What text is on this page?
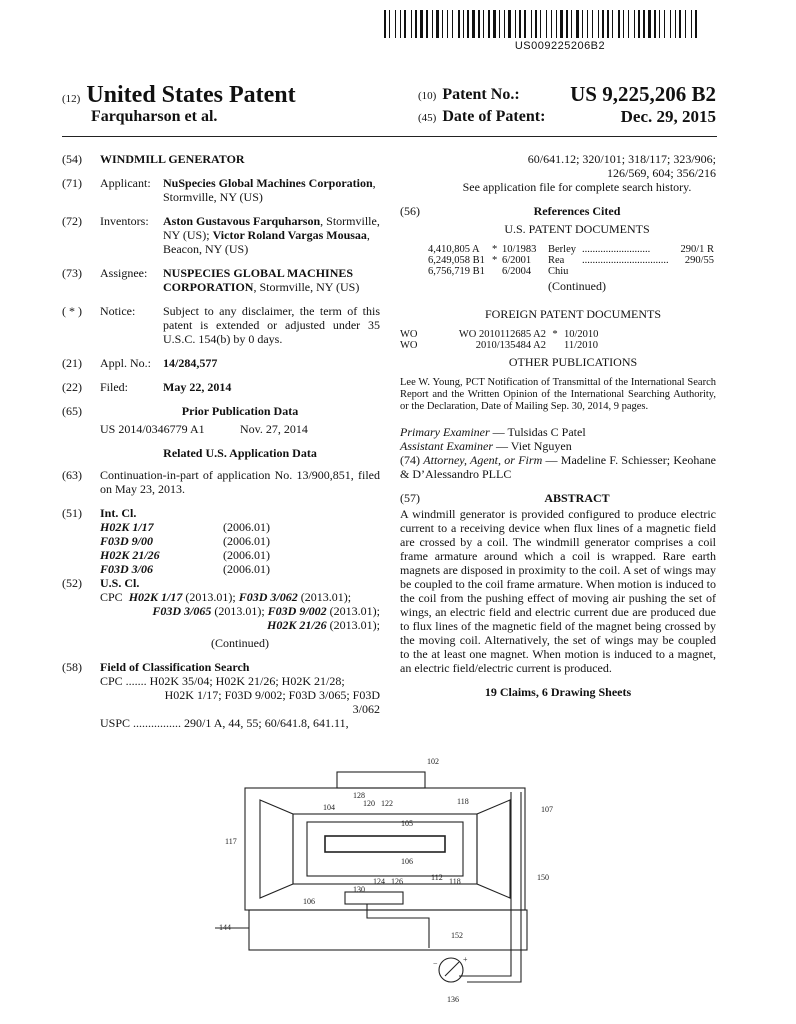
US009225206B2
(12) United States Patent
Farquharson et al.
(10) Patent No.: US 9,225,206 B2
(45) Date of Patent:	Dec. 29, 2015
(54)	WINDMILL GENERATOR
(71)	Applicant:	NuSpecies Global Machines Corporation, Stormville, NY (US)
(72)	Inventors:	Aston Gustavous Farquharson, Stormville, NY (US); Victor Roland Vargas Mousaa, Beacon, NY (US)
(73)	Assignee:	NUSPECIES GLOBAL MACHINES CORPORATION, Stormville, NY (US)
( * )	Notice:	Subject to any disclaimer, the term of this patent is extended or adjusted under 35 U.S.C. 154(b) by 0 days.
(21)	Appl. No.:	14/284,577
(22)	Filed:	May 22, 2014
(65)	Prior Publication Data
US 2014/0346779 A1	Nov. 27, 2014
Related U.S. Application Data
(63)	Continuation-in-part of application No. 13/900,851, filed on May 23, 2013.
(51)	Int. Cl.
H02K 1/17	(2006.01)
F03D 9/00	(2006.01)
H02K 21/26	(2006.01)
F03D 3/06	(2006.01)
(52)	U.S. Cl.
CPC H02K 1/17 (2013.01); F03D 3/062 (2013.01);
F03D 3/065 (2013.01); F03D 9/002 (2013.01);
H02K 21/26 (2013.01);
(Continued)
(58)	Field of Classification Search
CPC ....... H02K 35/04; H02K 21/26; H02K 21/28;
H02K 1/17; F03D 9/002; F03D 3/065; F03D
3/062
USPC ................ 290/1 A, 44, 55; 60/641.8, 641.11,
60/641.12; 320/101; 318/117; 323/906;
126/569, 604; 356/216
See application file for complete search history.
(56)	References Cited
U.S. PATENT DOCUMENTS
4,410,805 A	* 10/1983	Berley ..........................	290/1 R
6,249,058 B1 * 6/2001	Rea	.................................	290/55
6,756,719 B1	6/2004	Chiu
(Continued)
FOREIGN PATENT DOCUMENTS
WO	WO 2010112685 A2 * 10/2010
WO	2010/135484 A2 11/2010
OTHER PUBLICATIONS
Lee W. Young, PCT Notification of Transmittal of the International Search Report and the Written Opinion of the International Searching Authority, or the Declaration, Date of Mailing Sep. 30, 2014, 9 pages.
Primary Examiner — Tulsidas C Patel
Assistant Examiner — Viet Nguyen
(74) Attorney, Agent, or Firm — Madeline F. Schiesser; Keohane & D’Alessandro PLLC
(57)	ABSTRACT
A windmill generator is provided configured to produce electric current to a receiving device when flux lines of a magnetic field are crossed by a coil. The windmill generator comprises a coil frame armature around which a coil is wrapped. Rare earth magnets are disposed in proximity to the coil. A set of wings may be coupled to the coil frame armature. When motion is induced to the coil from the pushing effect of moving air pushing the set of wings, an electric field and electric current due are produced due to flux lines of the magnetic field of the magnet being crossed by the moving coil. Alternatively, the set of wings may be coupled to the at least one magnet. When motion is induced to a magnet, an electric field/electric current is produced.
19 Claims, 6 Drawing Sheets
102
107
117
104
105
106
118
120 122
124 126
128
130
106
112 118	150
152
144
136
−	+
